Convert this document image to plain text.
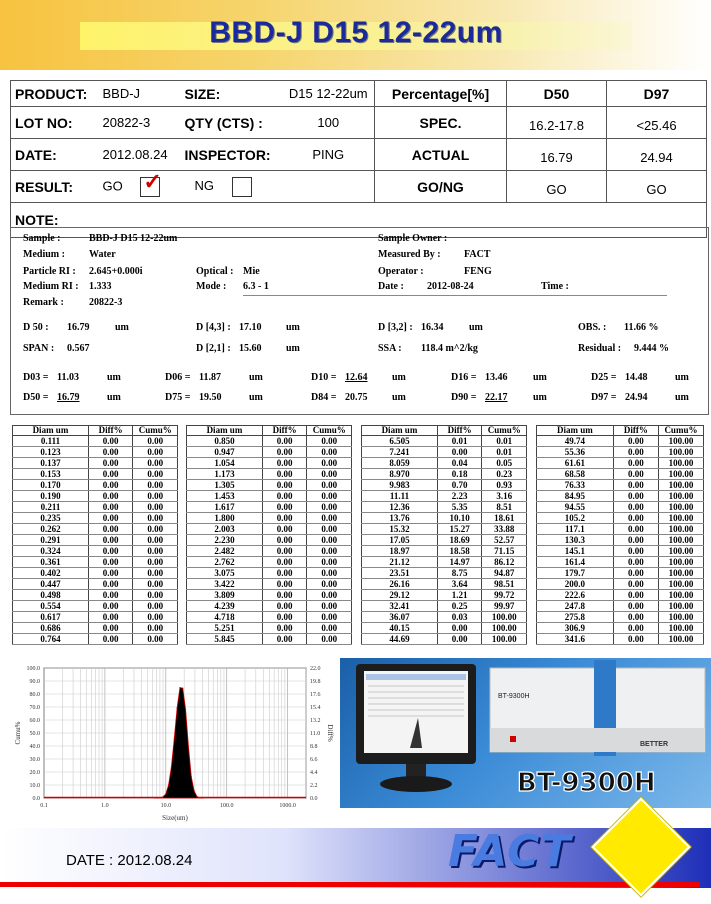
BBD-J D15 12-22um
PRODUCT:	BBD-J	SIZE:	D15 12-22um	Percentage[%]	D50	D97
LOT NO:	20822-3	QTY (CTS) :	100	SPEC.	16.2-17.8	<25.46
DATE:	2012.08.24	INSPECTOR:	PING	ACTUAL	16.79	24.94
RESULT:	GO ✓	NG		GO/NG	GO	GO
NOTE:						
Sample :	BBD-J D15 12-22um	Sample Owner :
Medium : Water	Measured By : FACT
Particle RI : 2.645+0.000i	Optical : Mie	Operator :	FENG
Medium RI : 1.333	Mode : 6.3 - 1	Date : 2012-08-24	Time :
Remark :	20822-3
D 50 : 16.79	um	D [4,3] : 17.10 um	D [3,2] : 16.34	um	OBS. : 11.66 %
SPAN : 0.567	D [2,1] : 15.60 um	SSA : 118.4 m^2/kg	Residual : 9.444 %
D03 = 11.03	um	D06 = 11.87	um	D10 = 12.64 um	D16 = 13.46	um	D25 = 14.48	um
D50 = 16.79	um	D75 = 19.50	um	D84 = 20.75 um	D90 = 22.17	um	D97 = 24.94	um
Diam um	Diff%	Cumu%
0.111	0.00	0.00
0.123	0.00	0.00
0.137	0.00	0.00
0.153	0.00	0.00
0.170	0.00	0.00
0.190	0.00	0.00
0.211	0.00	0.00
0.235	0.00	0.00
0.262	0.00	0.00
0.291	0.00	0.00
0.324	0.00	0.00
0.361	0.00	0.00
0.402	0.00	0.00
0.447	0.00	0.00
0.498	0.00	0.00
0.554	0.00	0.00
0.617	0.00	0.00
0.686	0.00	0.00
0.764	0.00	0.00
Diam um	Diff%	Cumu%
0.850	0.00	0.00
0.947	0.00	0.00
1.054	0.00	0.00
1.173	0.00	0.00
1.305	0.00	0.00
1.453	0.00	0.00
1.617	0.00	0.00
1.800	0.00	0.00
2.003	0.00	0.00
2.230	0.00	0.00
2.482	0.00	0.00
2.762	0.00	0.00
3.075	0.00	0.00
3.422	0.00	0.00
3.809	0.00	0.00
4.239	0.00	0.00
4.718	0.00	0.00
5.251	0.00	0.00
5.845	0.00	0.00
Diam um	Diff%	Cumu%
6.505	0.01	0.01
7.241	0.00	0.01
8.059	0.04	0.05
8.970	0.18	0.23
9.983	0.70	0.93
11.11	2.23	3.16
12.36	5.35	8.51
13.76	10.10	18.61
15.32	15.27	33.88
17.05	18.69	52.57
18.97	18.58	71.15
21.12	14.97	86.12
23.51	8.75	94.87
26.16	3.64	98.51
29.12	1.21	99.72
32.41	0.25	99.97
36.07	0.03	100.00
40.15	0.00	100.00
44.69	0.00	100.00
Diam um	Diff%	Cumu%
49.74	0.00	100.00
55.36	0.00	100.00
61.61	0.00	100.00
68.58	0.00	100.00
76.33	0.00	100.00
84.95	0.00	100.00
94.55	0.00	100.00
105.2	0.00	100.00
117.1	0.00	100.00
130.3	0.00	100.00
145.1	0.00	100.00
161.4	0.00	100.00
179.7	0.00	100.00
200.0	0.00	100.00
222.6	0.00	100.00
247.8	0.00	100.00
275.8	0.00	100.00
306.9	0.00	100.00
341.6	0.00	100.00
0.0
10.0
20.0
30.0
40.0
50.0
60.0
70.0
80.0
90.0
100.0
0.0
2.2
4.4
6.6
8.8
11.0
13.2
15.4
17.6
19.8
22.0
0.1	1.0	10.0	100.0	1000.0
Size(um)
Cumu%	Diff%
BT-9300H
BETTER
BT-9300H
DATE : 2012.08.24	FACT
